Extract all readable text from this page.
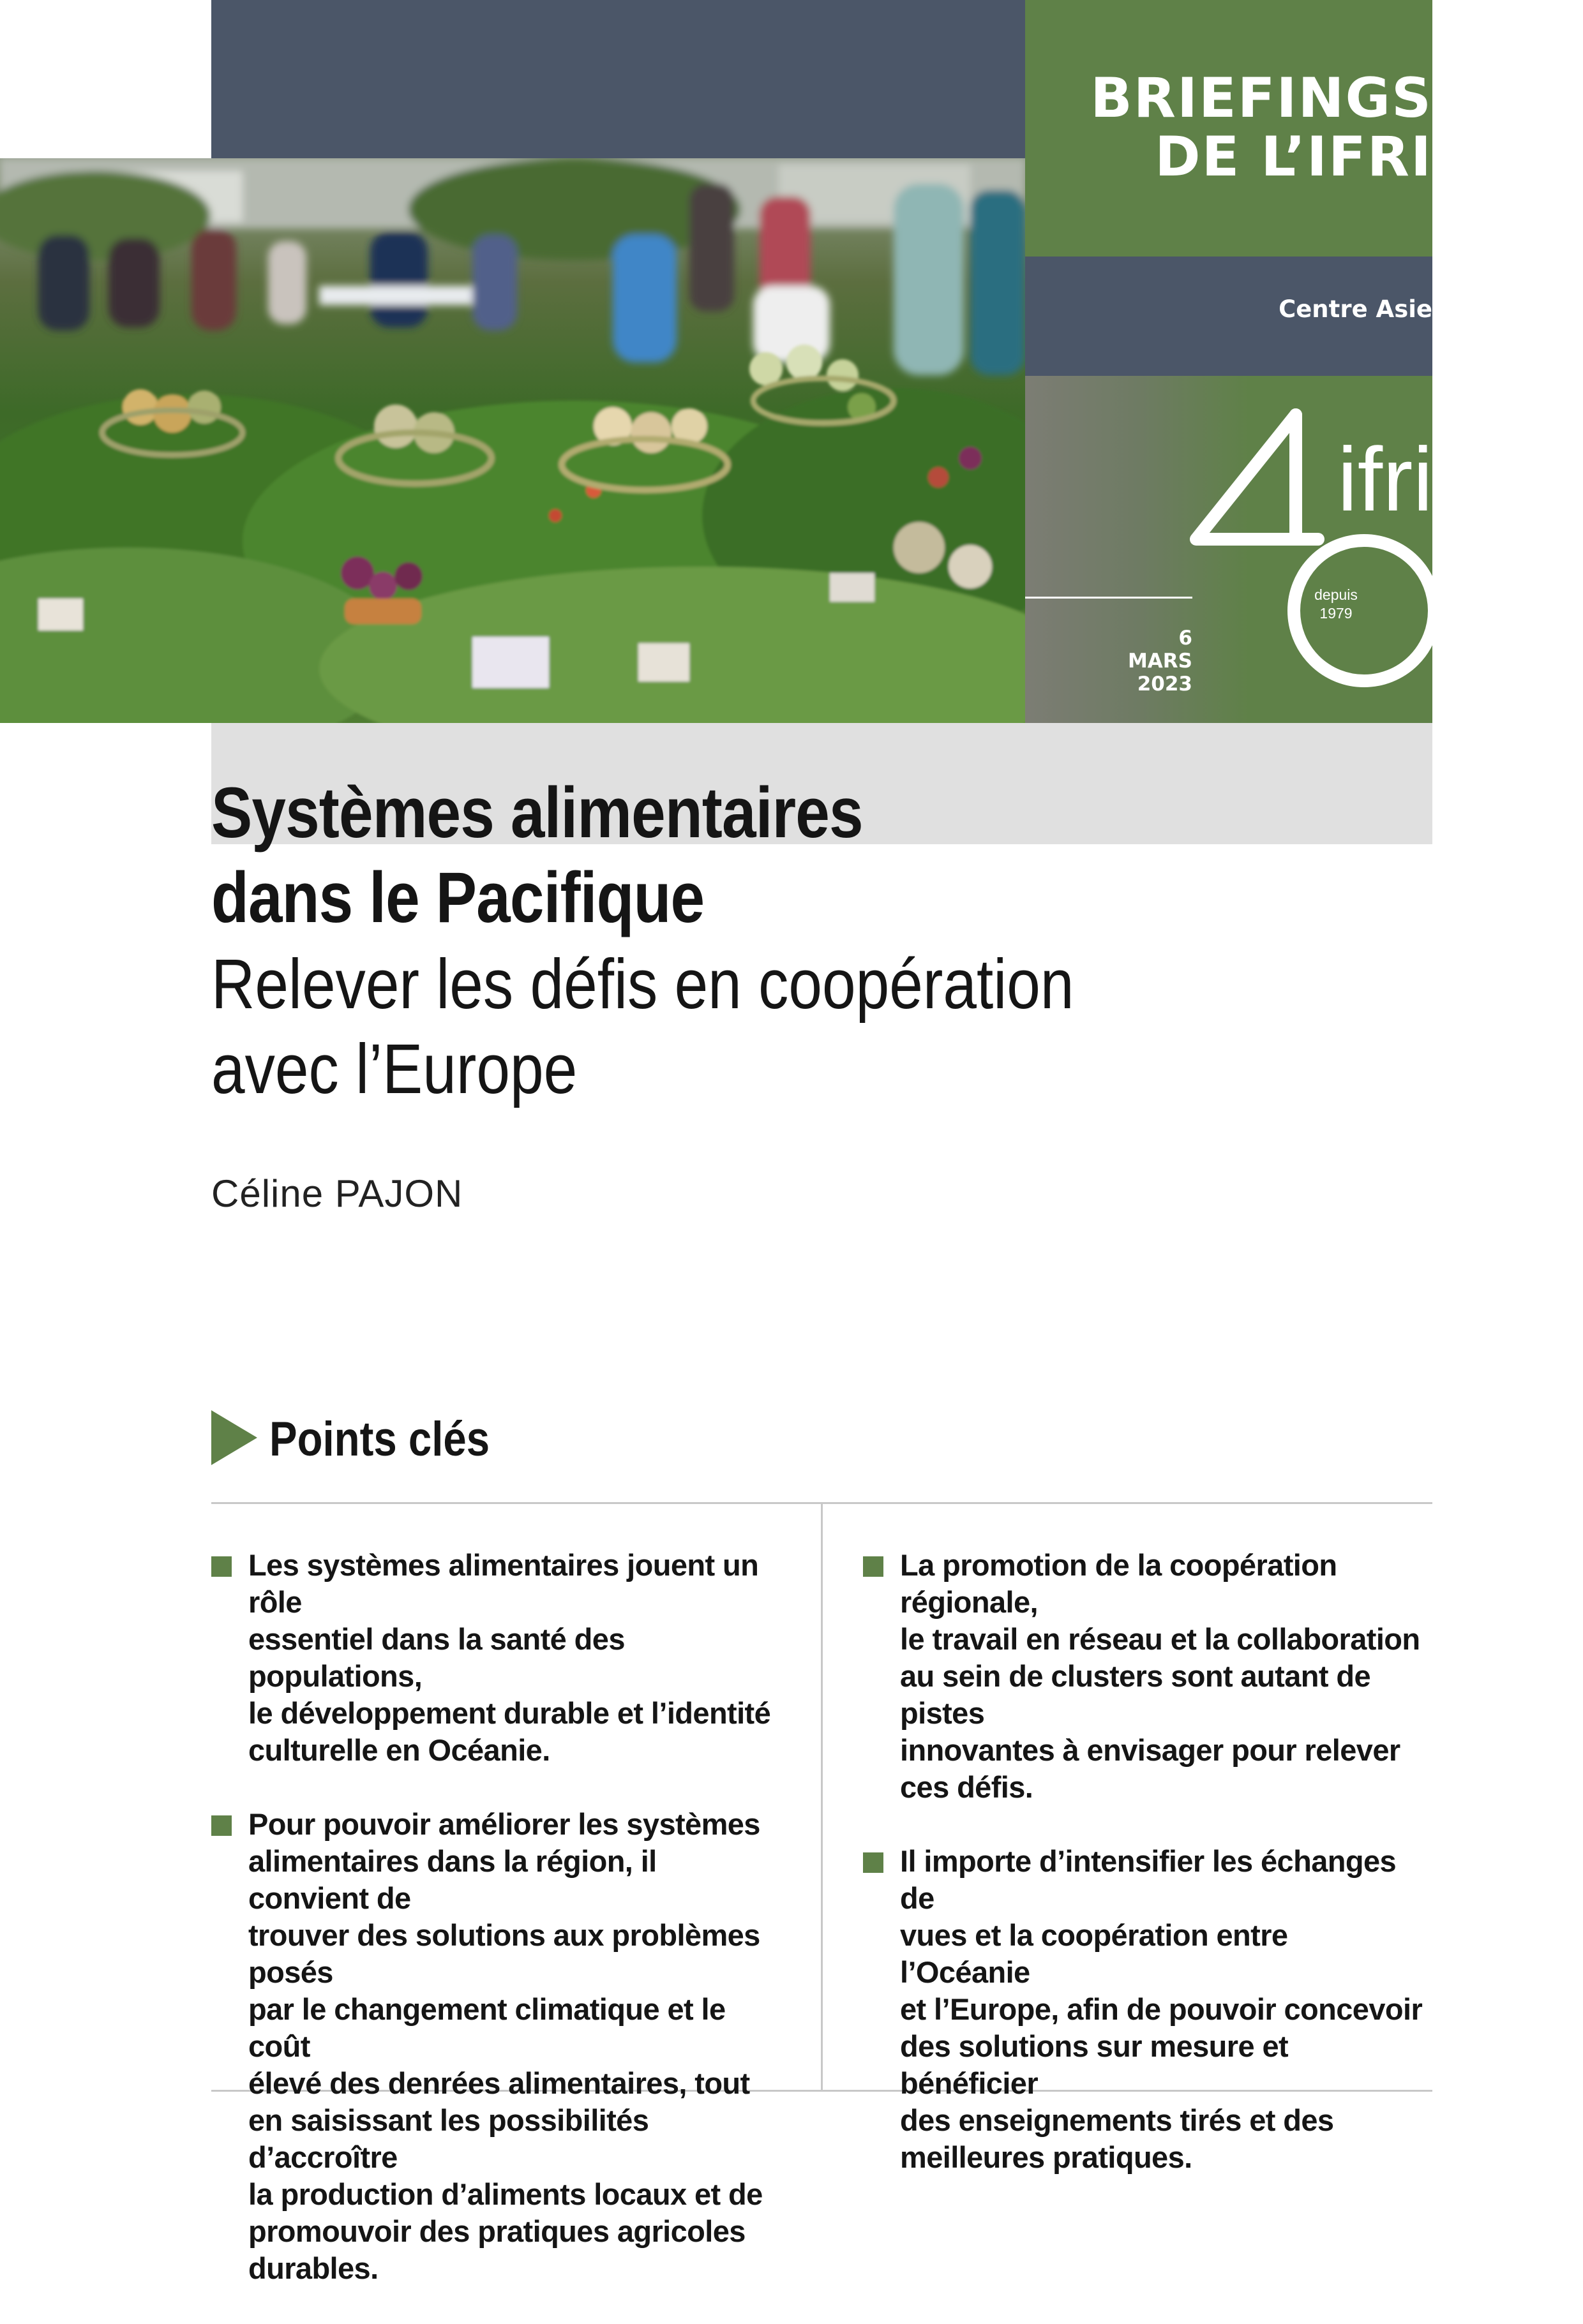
BRIEFINGS
DE L’IFRI
Centre Asie
6
MARS
2023
depuis
1979
ifri
Systèmes alimentaires
dans le Pacifique
Relever les défis en coopération
avec l’Europe
Céline PAJON
Points clés
Les systèmes alimentaires jouent un rôle
essentiel dans la santé des populations,
le développement durable et l’identité
culturelle en Océanie.
Pour pouvoir améliorer les systèmes
alimentaires dans la région, il convient de
trouver des solutions aux problèmes posés
par le changement climatique et le coût
élevé des denrées alimentaires, tout
en saisissant les possibilités d’accroître
la production d’aliments locaux et de
promouvoir des pratiques agricoles
durables.
La promotion de la coopération régionale,
le travail en réseau et la collaboration
au sein de clusters sont autant de pistes
innovantes à envisager pour relever
ces défis.
Il importe d’intensifier les échanges de
vues et la coopération entre l’Océanie
et l’Europe, afin de pouvoir concevoir
des solutions sur mesure et bénéficier
des enseignements tirés et des
meilleures pratiques.
